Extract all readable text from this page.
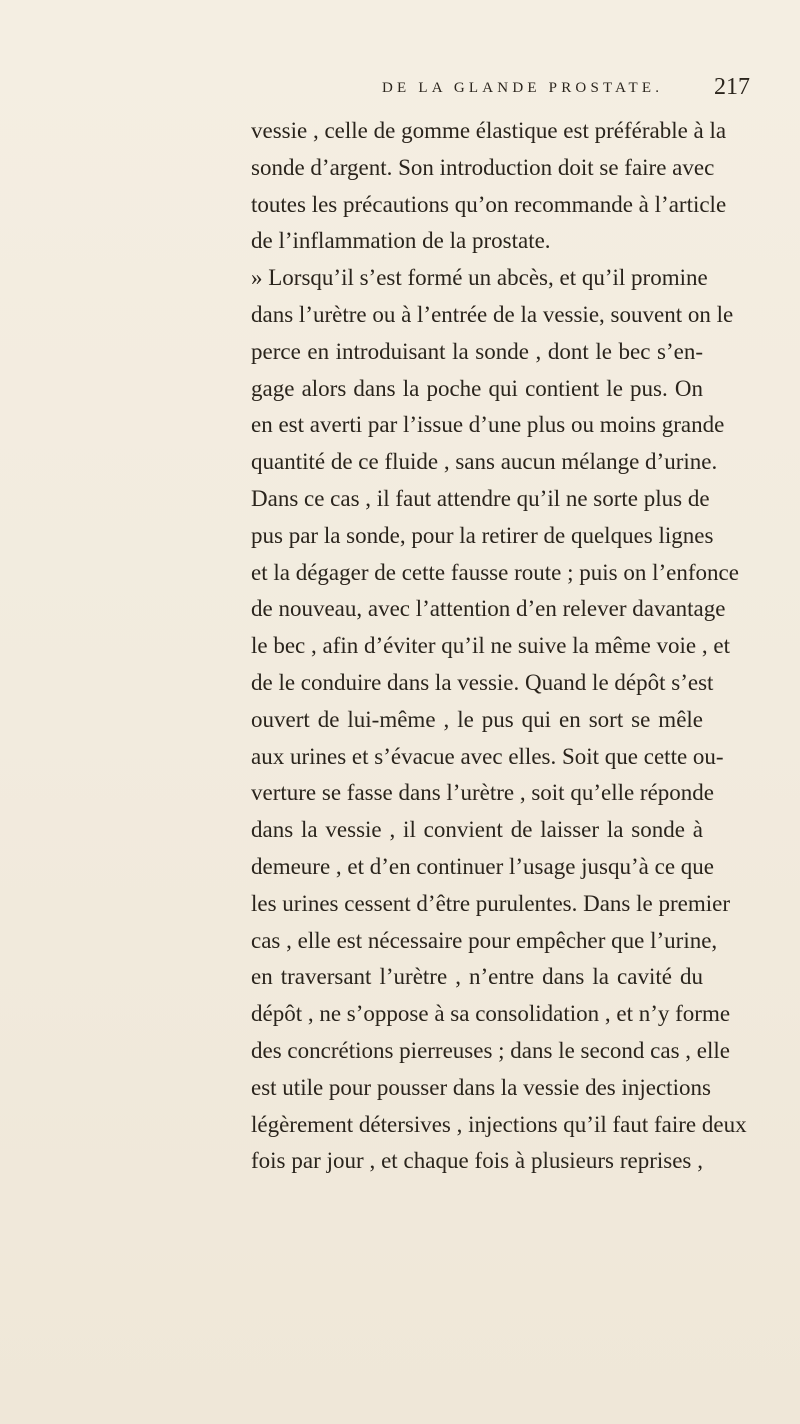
DE LA GLANDE PROSTATE. 217
vessie , celle de gomme élastique est préférable à la
sonde d’argent. Son introduction doit se faire avec
toutes les précautions qu’on recommande à l’article
de l’inflammation de la prostate.
» Lorsqu’il s’est formé un abcès, et qu’il promine
dans l’urètre ou à l’entrée de la vessie, souvent on le
perce en introduisant la sonde , dont le bec s’en-
gage alors dans la poche qui contient le pus. On
en est averti par l’issue d’une plus ou moins grande
quantité de ce fluide , sans aucun mélange d’urine.
Dans ce cas , il faut attendre qu’il ne sorte plus de
pus par la sonde, pour la retirer de quelques lignes
et la dégager de cette fausse route ; puis on l’enfonce
de nouveau, avec l’attention d’en relever davantage
le bec , afin d’éviter qu’il ne suive la même voie , et
de le conduire dans la vessie. Quand le dépôt s’est
ouvert de lui-même , le pus qui en sort se mêle
aux urines et s’évacue avec elles. Soit que cette ou-
verture se fasse dans l’urètre , soit qu’elle réponde
dans la vessie , il convient de laisser la sonde à
demeure , et d’en continuer l’usage jusqu’à ce que
les urines cessent d’être purulentes. Dans le premier
cas , elle est nécessaire pour empêcher que l’urine,
en traversant l’urètre , n’entre dans la cavité du
dépôt , ne s’oppose à sa consolidation , et n’y forme
des concrétions pierreuses ; dans le second cas , elle
est utile pour pousser dans la vessie des injections
légèrement détersives , injections qu’il faut faire deux
fois par jour , et chaque fois à plusieurs reprises ,
